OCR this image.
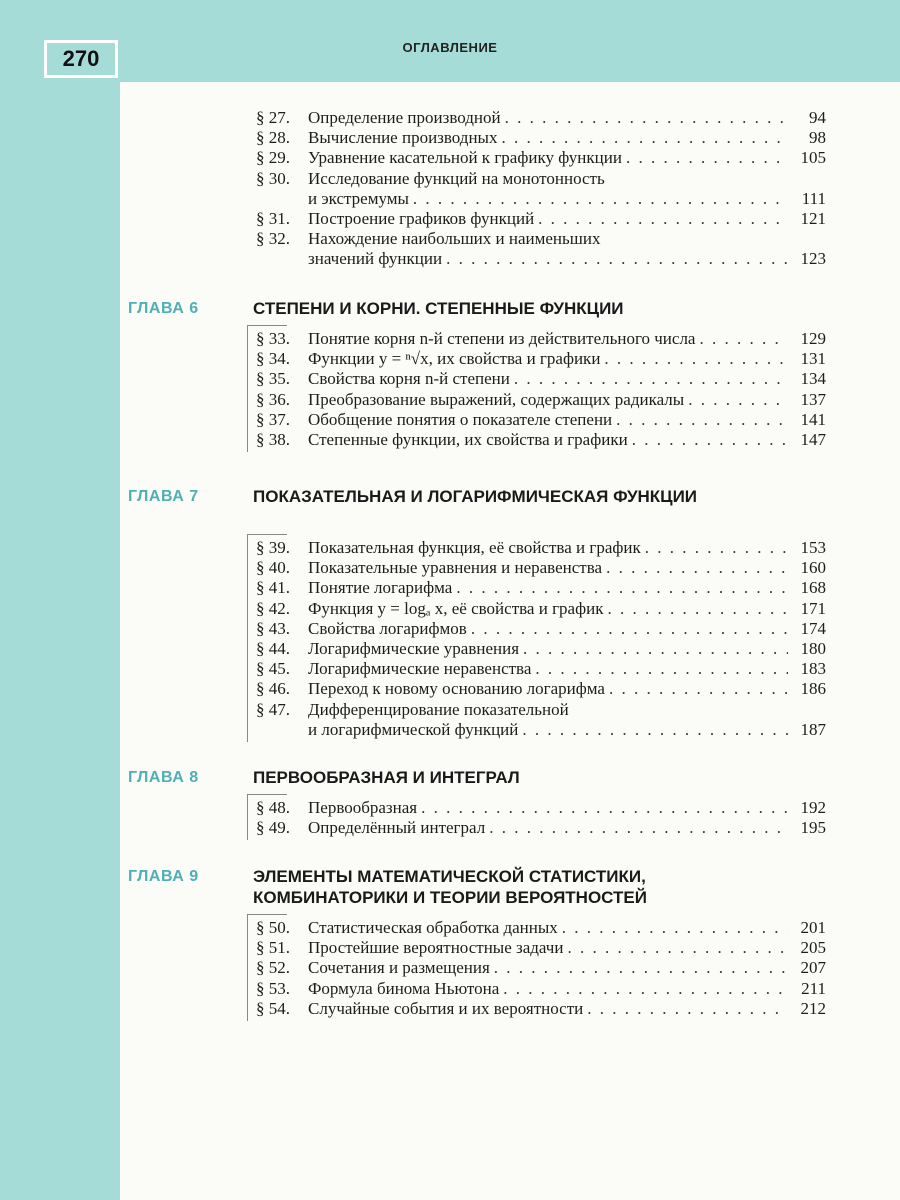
270	ОГЛАВЛЕНИЕ
§ 27.	Определение производной . . .	94
§ 28.	Вычисление производных . . .	98
§ 29.	Уравнение касательной к графику функции . . .	105
§ 30.	Исследование функций на монотонность
и экстремумы . . .	111
§ 31.	Построение графиков функций . . .	121
§ 32.	Нахождение наибольших и наименьших
значений функции . . .	123
ГЛАВА 6	СТЕПЕНИ И КОРНИ. СТЕПЕННЫЕ ФУНКЦИИ
§ 33.	Понятие корня n-й степени из действительного числа . . .	129
§ 34.	Функции y = ⁿ√x, их свойства и графики . . .	131
§ 35.	Свойства корня n-й степени . . .	134
§ 36.	Преобразование выражений, содержащих радикалы . . .	137
§ 37.	Обобщение понятия о показателе степени . . .	141
§ 38.	Степенные функции, их свойства и графики . . .	147
ГЛАВА 7	ПОКАЗАТЕЛЬНАЯ И ЛОГАРИФМИЧЕСКАЯ ФУНКЦИИ
§ 39.	Показательная функция, её свойства и график . . .	153
§ 40.	Показательные уравнения и неравенства . . .	160
§ 41.	Понятие логарифма . . .	168
§ 42.	Функция y = logₐ x, её свойства и график . . .	171
§ 43.	Свойства логарифмов . . .	174
§ 44.	Логарифмические уравнения . . .	180
§ 45.	Логарифмические неравенства . . .	183
§ 46.	Переход к новому основанию логарифма . . .	186
§ 47.	Дифференцирование показательной
и логарифмической функций . . .	187
ГЛАВА 8	ПЕРВООБРАЗНАЯ И ИНТЕГРАЛ
§ 48.	Первообразная . . .	192
§ 49.	Определённый интеграл . . .	195
ГЛАВА 9	ЭЛЕМЕНТЫ МАТЕМАТИЧЕСКОЙ СТАТИСТИКИ, КОМБИНАТОРИКИ И ТЕОРИИ ВЕРОЯТНОСТЕЙ
§ 50.	Статистическая обработка данных . . .	201
§ 51.	Простейшие вероятностные задачи . . .	205
§ 52.	Сочетания и размещения . . .	207
§ 53.	Формула бинома Ньютона . . .	211
§ 54.	Случайные события и их вероятности . . .	212
